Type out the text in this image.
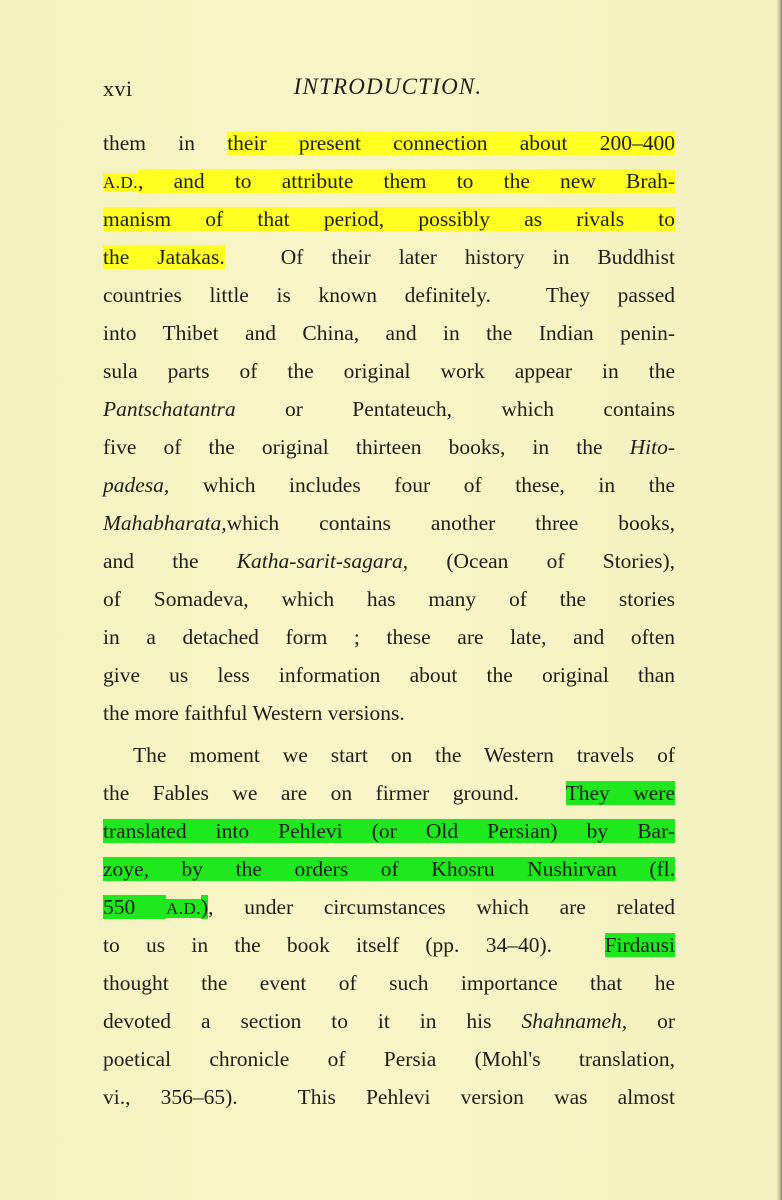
xvi	INTRODUCTION.
them in their present connection about 200–400
A.D., and to attribute them to the new Brah-
manism of that period, possibly as rivals to
the Jatakas.  Of their later history in Buddhist
countries little is known definitely.  They passed
into Thibet and China, and in the Indian penin-
sula parts of the original work appear in the
Pantschatantra or Pentateuch, which contains
five of the original thirteen books, in the Hito-
padesa, which includes four of these, in the
Mahabharata,which contains another three books,
and the Katha-sarit-sagara, (Ocean of Stories),
of Somadeva, which has many of the stories
in a detached form ; these are late, and often
give us less information about the original than
the more faithful Western versions.
The moment we start on the Western travels of
the Fables we are on firmer ground.  They were
translated into Pehlevi (or Old Persian) by Bar-
zoye, by the orders of Khosru Nushirvan (fl.
550 A.D.), under circumstances which are related
to us in the book itself (pp. 34–40).  Firdausi
thought the event of such importance that he
devoted a section to it in his Shahnameh, or
poetical chronicle of Persia (Mohl's translation,
vi., 356–65).  This Pehlevi version was almost
